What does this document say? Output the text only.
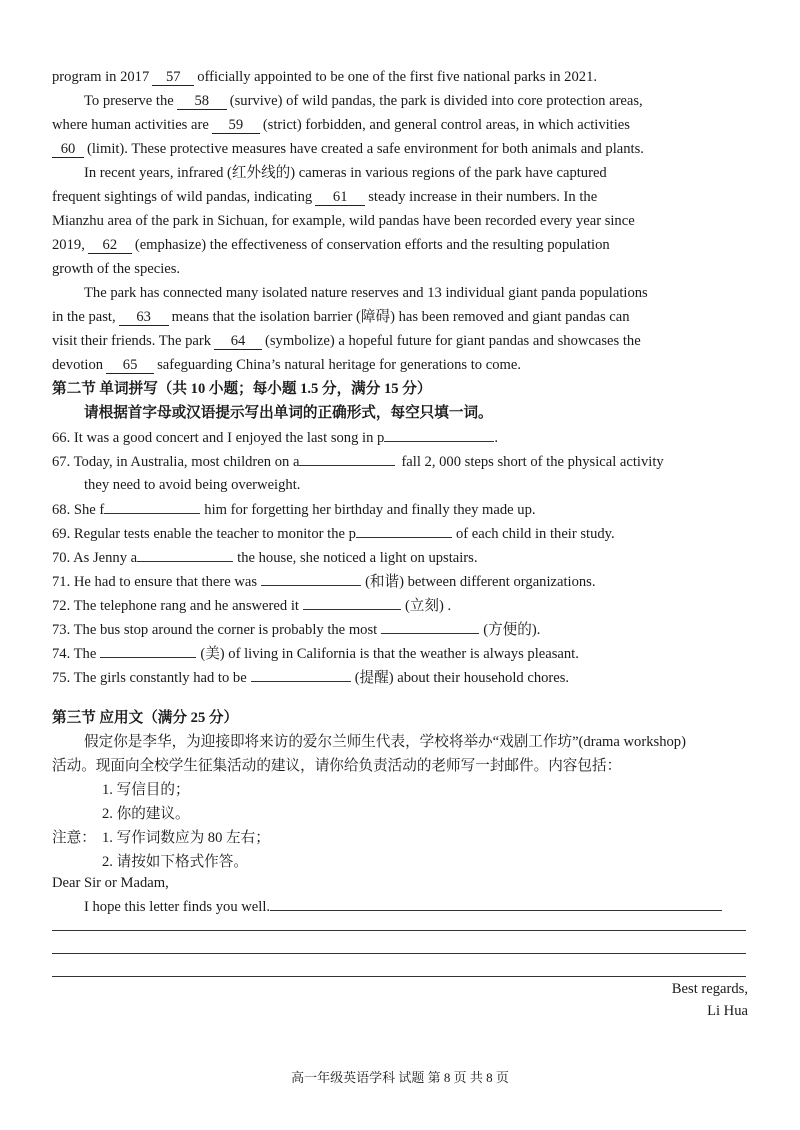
program in 2017 57 officially appointed to be one of the first five national parks in 2021.
To preserve the 58 (survive) of wild pandas, the park is divided into core protection areas,
where human activities are 59 (strict) forbidden, and general control areas, in which activities
60 (limit). These protective measures have created a safe environment for both animals and plants.
In recent years, infrared (红外线的) cameras in various regions of the park have captured
frequent sightings of wild pandas, indicating 61 steady increase in their numbers. In the
Mianzhu area of the park in Sichuan, for example, wild pandas have been recorded every year since
2019, 62 (emphasize) the effectiveness of conservation efforts and the resulting population
growth of the species.
The park has connected many isolated nature reserves and 13 individual giant panda populations
in the past, 63 means that the isolation barrier (障碍) has been removed and giant pandas can
visit their friends. The park 64 (symbolize) a hopeful future for giant pandas and showcases the
devotion 65 safeguarding China’s natural heritage for generations to come.
第二节 单词拼写（共 10 小题；每小题 1.5 分，满分 15 分）
请根据首字母或汉语提示写出单词的正确形式，每空只填一词。
66. It was a good concert and I enjoyed the last song in p	.
67. Today, in Australia, most children on a	fall 2, 000 steps short of the physical activity
they need to avoid being overweight.
68. She f	him for forgetting her birthday and finally they made up.
69. Regular tests enable the teacher to monitor the p	of each child in their study.
70. As Jenny a	the house, she noticed a light on upstairs.
71. He had to ensure that there was	(和谐) between different organizations.
72. The telephone rang and he answered it	(立刻) .
73. The bus stop around the corner is probably the most	(方便的).
74. The	(美) of living in California is that the weather is always pleasant.
75. The girls constantly had to be	(提醒) about their household chores.
第三节 应用文（满分 25 分）
假定你是李华，为迎接即将来访的爱尔兰师生代表，学校将举办“戏剧工作坊”(drama workshop)
活动。现面向全校学生征集活动的建议，请你给负责活动的老师写一封邮件。内容包括：
1. 写信目的；
2. 你的建议。
注意： 1. 写作词数应为 80 左右；
2. 请按如下格式作答。
Dear Sir or Madam,
I hope this letter finds you well.
Best regards,
Li Hua
高一年级英语学科 试题 第 8 页 共 8 页
